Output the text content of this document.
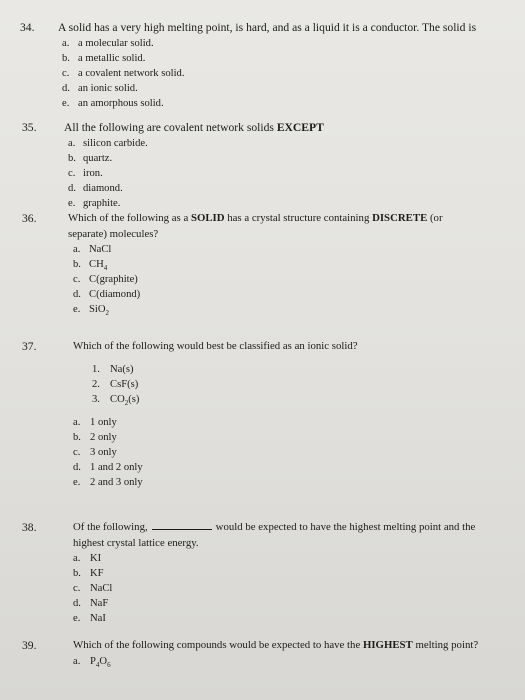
34. A solid has a very high melting point, is hard, and as a liquid it is a conductor. The solid is
a. a molecular solid.
b. a metallic solid.
c. a covalent network solid.
d. an ionic solid.
e. an amorphous solid.
35. All the following are covalent network solids EXCEPT
a. silicon carbide.
b. quartz.
c. iron.
d. diamond.
e. graphite.
36.	Which of the following as a SOLID has a crystal structure containing DISCRETE (or
separate) molecules?
a. NaCl
b. $CH_4$
c. C(graphite)
d. C(diamond)
e. SiO$_2$
37.	Which of the following would best be classified as an ionic solid?
1. Na(s)
2. CsF(s)
3. $CO_2(s)$
a. 1 only
b. 2 only
c. 3 only
d. 1 and 2 only
e. 2 and 3 only
38.	Of the following,	would be expected to have the highest melting point and the
highest crystal lattice energy.
a. KI
b. KF
c. NaCl
d. NaF
e. NaI
39.	Which of the following compounds would be expected to have the HIGHEST melting point?
a. $P_4O_6$
